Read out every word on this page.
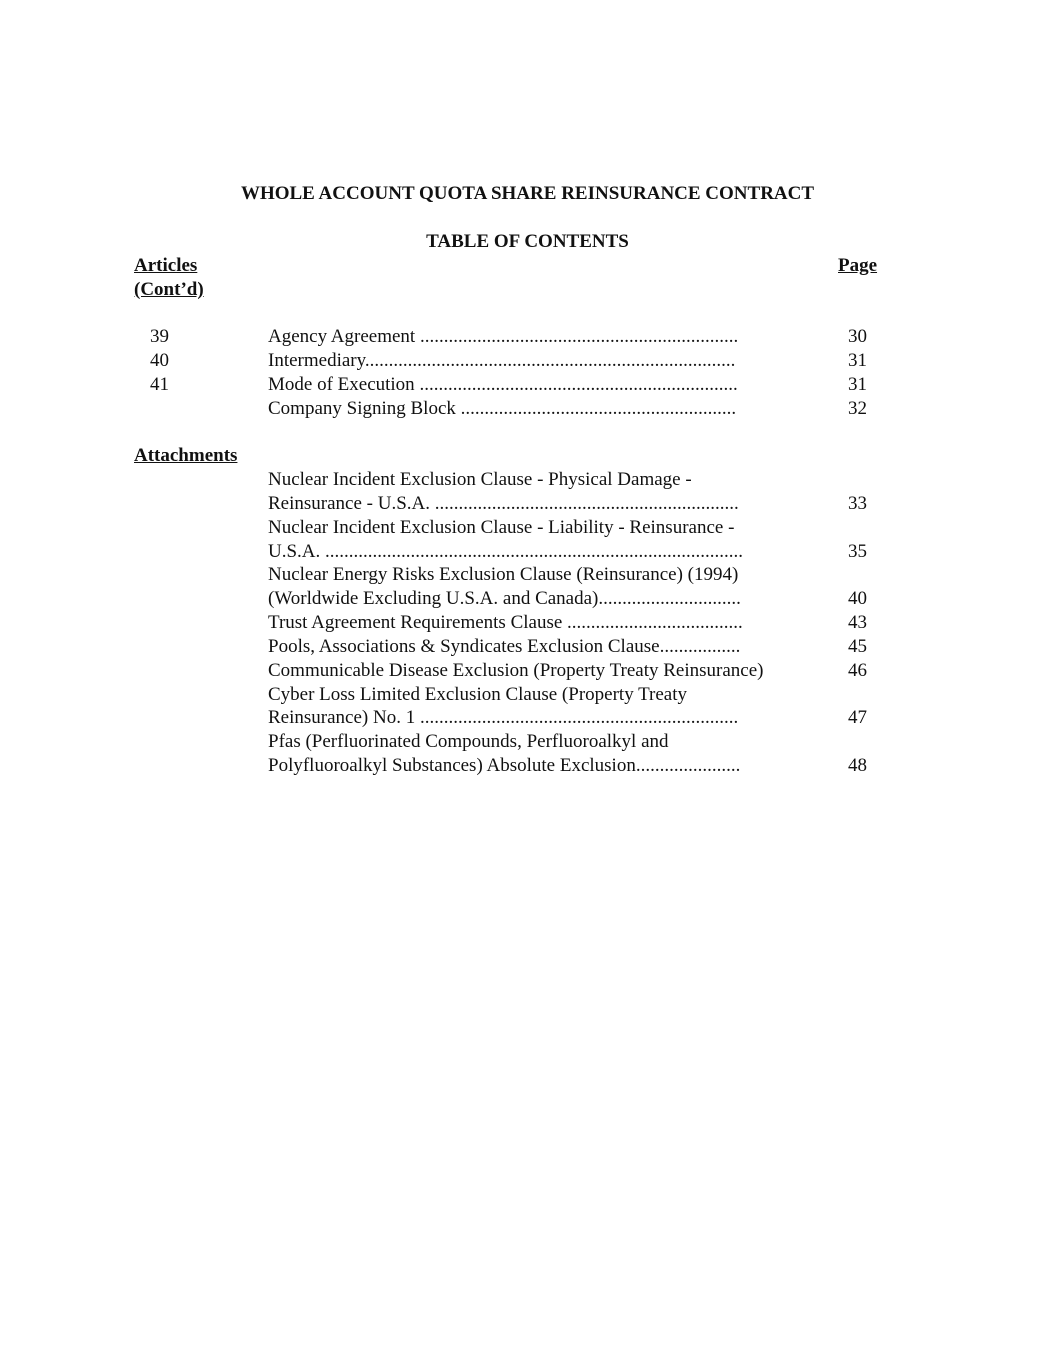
WHOLE ACCOUNT QUOTA SHARE REINSURANCE CONTRACT
TABLE OF CONTENTS
Articles
(Cont’d)
Page
39	Agency Agreement ...................................................................	30
40	Intermediary..............................................................................	31
41	Mode of Execution ...................................................................	31
Company Signing Block ..........................................................	32
Attachments
Nuclear Incident Exclusion Clause - Physical Damage -
Reinsurance - U.S.A. ................................................................	33
Nuclear Incident Exclusion Clause - Liability - Reinsurance -
U.S.A. ........................................................................................	35
Nuclear Energy Risks Exclusion Clause (Reinsurance) (1994)
(Worldwide Excluding U.S.A. and Canada)..............................	40
Trust Agreement Requirements Clause .....................................	43
Pools, Associations & Syndicates Exclusion Clause.................	45
Communicable Disease Exclusion (Property Treaty Reinsurance)	46
Cyber Loss Limited Exclusion Clause (Property Treaty
Reinsurance) No. 1 ...................................................................	47
Pfas (Perfluorinated Compounds, Perfluoroalkyl and
Polyfluoroalkyl Substances) Absolute Exclusion......................	48
